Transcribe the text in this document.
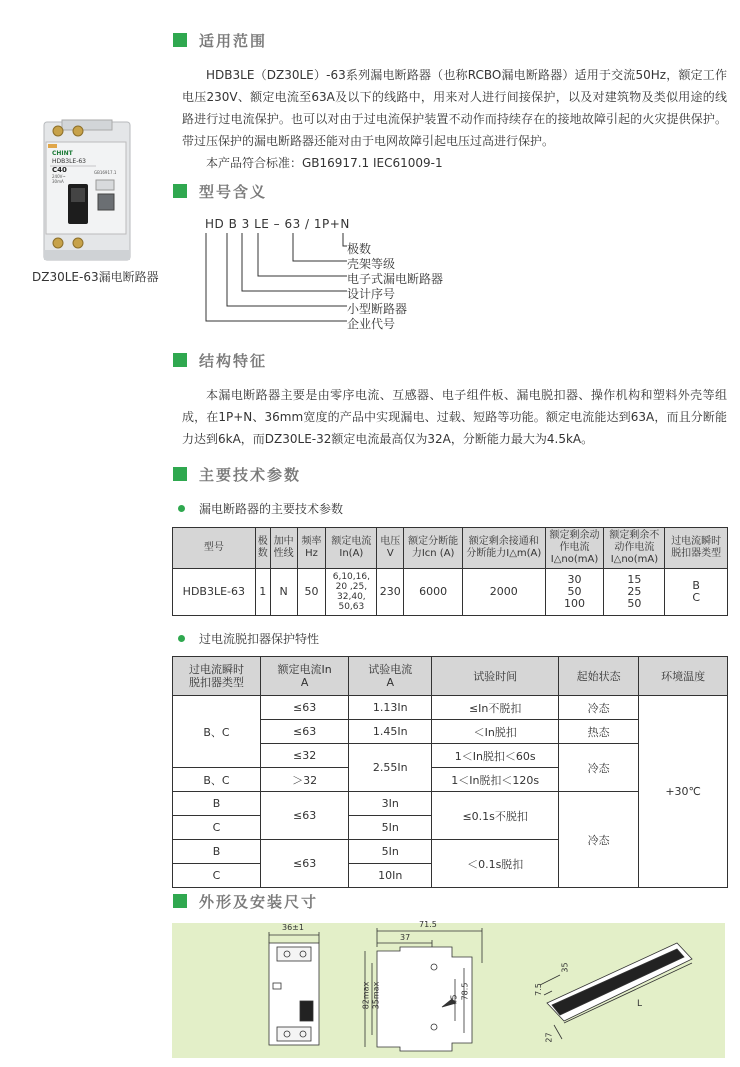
CHINT
HDB3LE-63
C40
240V~
30mA
GB16917.1
DZ30LE-63漏电断路器
适用范围

HDB3LE（DZ30LE）-63系列漏电断路器（也称RCBO漏电断路器）适用于交流50Hz，额定工作电压230V、额定电流至63A及以下的线路中，用来对人进行间接保护，以及对建筑物及类似用途的线路进行过电流保护。也可以对由于过电流保护装置不动作而持续存在的接地故障引起的火灾提供保护。带过压保护的漏电断路器还能对由于电网故障引起电压过高进行保护。

本产品符合标准：GB16917.1 IEC61009-1

型号含义
HD B 3 LE – 63 / 1P+N
极数
壳架等级
电子式漏电断路器
设计序号
小型断路器
企业代号
结构特征

本漏电断路器主要是由零序电流、互感器、电子组件板、漏电脱扣器、操作机构和塑料外壳等组成，在1P+N、36mm宽度的产品中实现漏电、过载、短路等功能。额定电流能达到63A，而且分断能力达到6kA，而DZ30LE-32额定电流最高仅为32A，分断能力最大为4.5kA。

主要技术参数
漏电断路器的主要技术参数
型号	极数	加中性线	频率Hz	额定电流In(A)	电压V	额定分断能力Icn (A)	额定剩余接通和分断能力I△m(A)	额定剩余动作电流I△no(mA)	额定剩余不动作电流I△no(mA)	过电流瞬时脱扣器类型
HDB3LE-63	1	N	50	6,10,16,
20 ,25,
32,40,
50,63	230	6000	2000	30
50
100	15
25
50	B
C
过电流脱扣器保护特性
过电流瞬时
脱扣器类型	额定电流In
A	试验电流
A	试验时间	起始状态	环境温度
B、C	≤63	1.13In	≤In不脱扣	冷态	+30℃
	≤63	1.45In	＜In脱扣	热态	
	≤32	2.55In	1＜In脱扣＜60s	冷态	
B、C	＞32		1＜In脱扣＜120s		
B	≤63	3In	≤0.1s不脱扣	冷态	
C		5In			
B	≤63	5In	＜0.1s脱扣		
C		10In			
外形及安装尺寸
36±1	71.5
37
82max 35max	45 78.5	7.5
35
27
L
